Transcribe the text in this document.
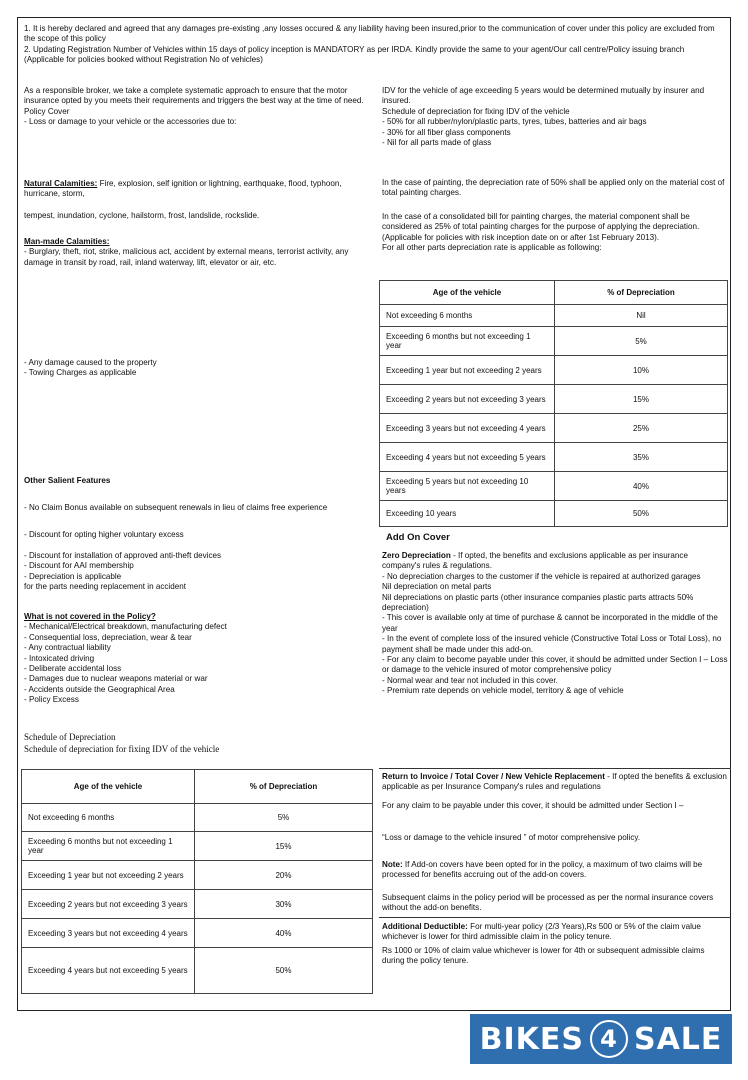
1. It is hereby declared and agreed that any damages pre-existing ,any losses occured & any liability having been insured,prior to the communication of cover under this policy are excluded from the scope of this policy

2. Updating Registration Number of Vehicles within 15 days of policy inception is MANDATORY as per IRDA. Kindly provide the same to your agent/Our call centre/Policy issuing branch (Applicable for policies booked without Registration No of vehicles)

As a responsible broker, we take a complete systematic approach to ensure that the motor insurance opted by you meets their requirements and triggers the best way at the time of need.

Policy Cover

- Loss or damage to your vehicle or the accessories due to:

Natural Calamities: Fire, explosion, self ignition or lightning, earthquake, flood, typhoon, hurricane, storm,

tempest, inundation, cyclone, hailstorm, frost, landslide, rockslide.

Man-made Calamities:

- Burglary, theft, riot, strike, malicious act, accident by external means, terrorist activity, any damage in transit by road, rail, inland waterway, lift, elevator or air, etc.

- Any damage caused to the property

- Towing Charges as applicable

Other Salient Features
- No Claim Bonus available on subsequent renewals in lieu of claims free experience
- Discount for opting higher voluntary excess

- Discount for installation of approved anti-theft devices

- Discount for AAI membership

- Depreciation is applicable

for the parts needing replacement in accident

What is not covered in the Policy?

- Mechanical/Electrical breakdown, manufacturing defect

- Consequential loss, depreciation, wear & tear

- Any contractual liability

- Intoxicated driving

- Deliberate accidental loss

- Damages due to nuclear weapons material or war

- Accidents outside the Geographical Area

- Policy Excess

Schedule of Depreciation

Schedule of depreciation for fixing IDV of the vehicle

Age of the vehicle	% of Depreciation
Not exceeding 6 months	5%
Exceeding 6 months but not exceeding 1 year	15%
Exceeding 1 year but not exceeding 2 years	20%
Exceeding 2 years but not exceeding 3 years	30%
Exceeding 3 years but not exceeding 4 years	40%
Exceeding 4 years but not exceeding 5 years	50%

IDV for the vehicle of age exceeding 5 years would be determined mutually by insurer and insured.

Schedule of depreciation for fixing IDV of the vehicle

- 50% for all rubber/nylon/plastic parts, tyres, tubes, batteries and air bags

- 30% for all fiber glass components

- Nil for all parts made of glass

In the case of painting, the depreciation rate of 50% shall be applied only on the material cost of total painting charges.

In the case of a consolidated bill for painting charges, the material component shall be considered as 25% of total painting charges for the purpose of applying the depreciation.(Applicable for policies with risk inception date on or after 1st February 2013).

For all other parts depreciation rate is applicable as following:

Age of the vehicle	% of Depreciation
Not exceeding 6 months	Nil
Exceeding 6 months but not exceeding 1 year	5%
Exceeding 1 year but not exceeding 2 years	10%
Exceeding 2 years but not exceeding 3 years	15%
Exceeding 3 years but not exceeding 4 years	25%
Exceeding 4 years but not exceeding 5 years	35%
Exceeding 5 years but not exceeding 10 years	40%
Exceeding 10 years	50%
Add On Cover

Zero Depreciation - If opted, the benefits and exclusions applicable as per insurance company's rules & regulations.

- No depreciation charges to the customer if the vehicle is repaired at authorized garages

Nil depreciation on metal parts

Nil depreciations on plastic parts (other insurance companies plastic parts attracts 50% depreciation)

- This cover is available only at time of purchase & cannot be incorporated in the middle of the year

- In the event of complete loss of the insured vehicle (Constructive Total Loss or Total Loss), no payment shall be made under this add-on.

- For any claim to become payable under this cover, it should be admitted under Section I – Loss or damage to the vehicle insured of motor comprehensive policy

- Normal wear and tear not included in this cover.

- Premium rate depends on vehicle model, territory & age of vehicle

Return to Invoice / Total Cover / New Vehicle Replacement - If opted the benefits & exclusion applicable as per Insurance Company's rules and regulations

For any claim to be payable under this cover, it should be admitted under Section I –
“Loss or damage to the vehicle insured ” of motor comprehensive policy.

Note: If Add-on covers have been opted for in the policy, a maximum of two claims will be processed for benefits accruing out of the add-on covers.

Subsequent claims in the policy period will be processed as per the normal insurance covers without the add-on benefits.

Additional Deductible: For multi-year policy (2/3 Years),Rs 500 or 5% of the claim value whichever is lower for third admissible claim in the policy tenure.

Rs 1000 or 10% of claim value whichever is lower for 4th or subsequent admissible claims during the policy tenure.

BIKES 4 SALE
